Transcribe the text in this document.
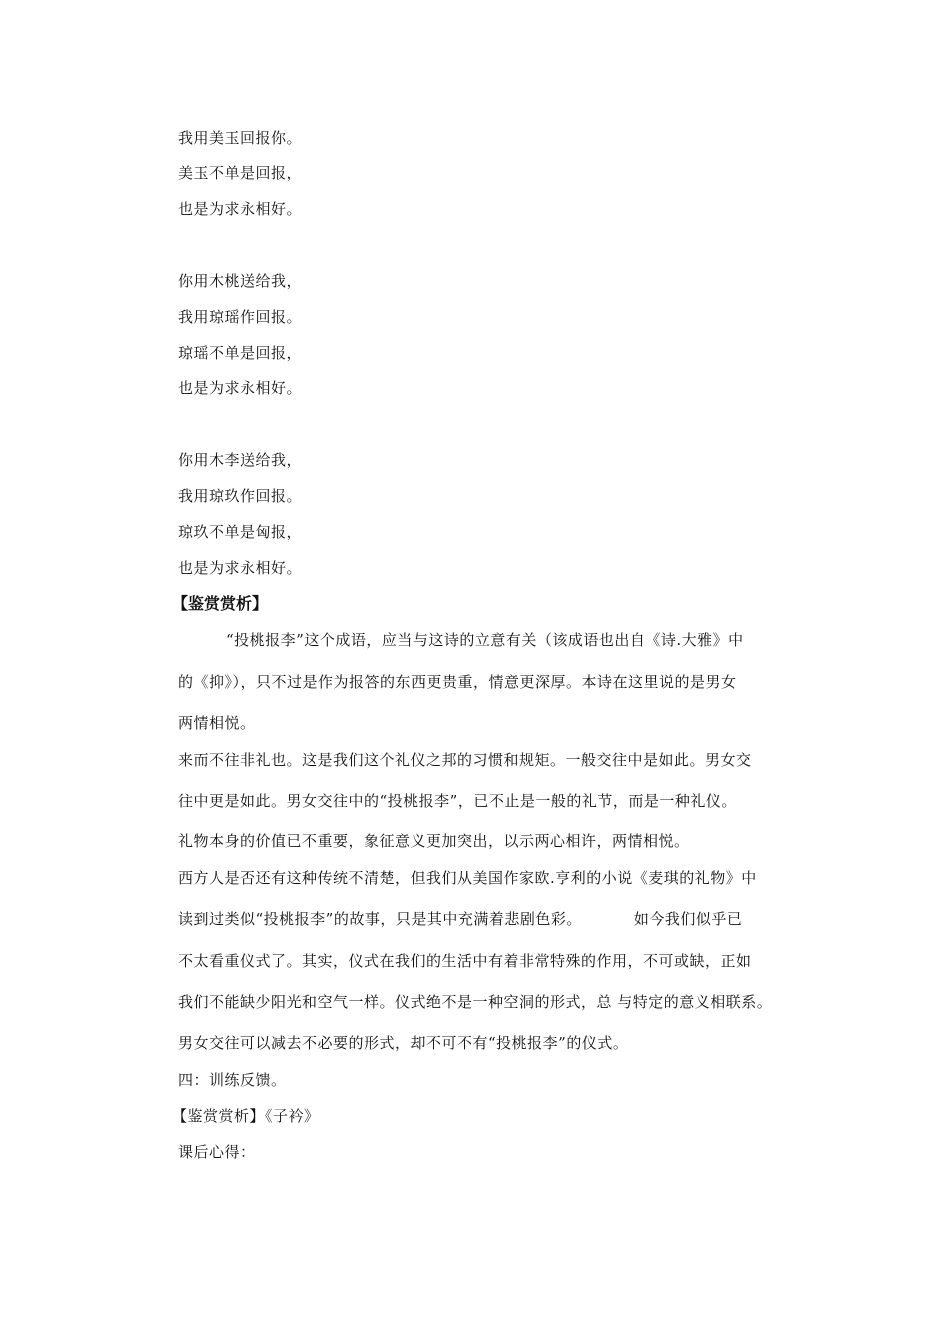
我用美玉回报你。
美玉不单是回报，
也是为求永相好。
你用木桃送给我，
我用琼瑶作回报。
琼瑶不单是回报，
也是为求永相好。
你用木李送给我，
我用琼玖作回报。
琼玖不单是匈报，
也是为求永相好。
【鉴赏赏析】
“投桃报李”这个成语，应当与这诗的立意有关（该成语也出自《诗.大雅》中
的《抑》），只不过是作为报答的东西更贵重，情意更深厚。本诗在这里说的是男女
两情相悦。
来而不往非礼也。这是我们这个礼仪之邦的习惯和规矩。一般交往中是如此。男女交
往中更是如此。男女交往中的“投桃报李”，已不止是一般的礼节，而是一种礼仪。
礼物本身的价值已不重要，象征意义更加突出，以示两心相许，两情相悦。
西方人是否还有这种传统不清楚，但我们从美国作家欧.亨利的小说《麦琪的礼物》中
读到过类似“投桃报李”的故事，只是其中充满着悲剧色彩。	如今我们似乎已
不太看重仪式了。其实，仪式在我们的生活中有着非常特殊的作用，不可或缺，正如
我们不能缺少阳光和空气一样。仪式绝不是一种空洞的形式，总 与特定的意义相联系。
男女交往可以减去不必要的形式，却不可不有“投桃报李”的仪式。
四：训练反馈。
【鉴赏赏析】《子衿》
课后心得：
